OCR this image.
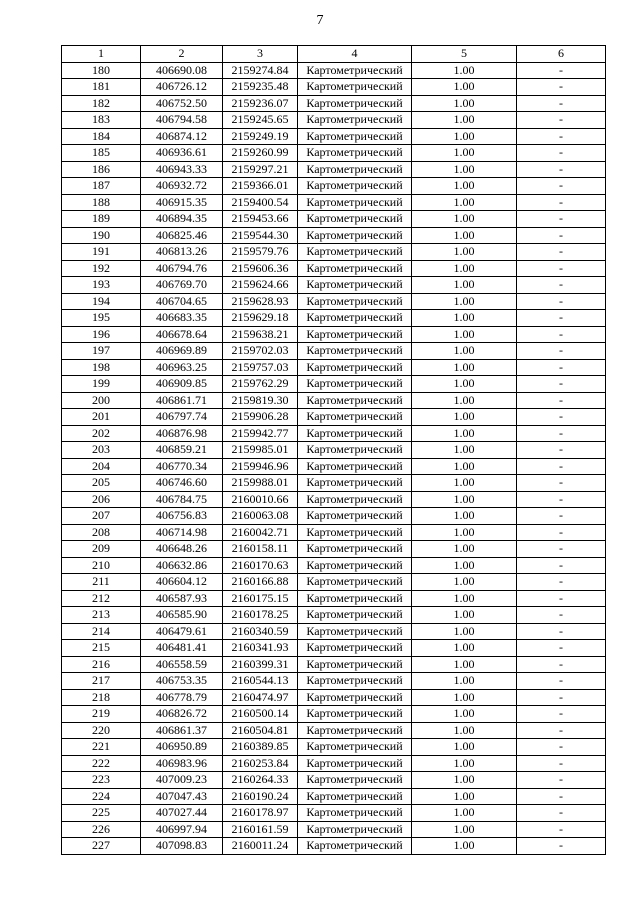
7
1	2	3	4	5	6
180	406690.08	2159274.84	Картометрический	1.00	-
181	406726.12	2159235.48	Картометрический	1.00	-
182	406752.50	2159236.07	Картометрический	1.00	-
183	406794.58	2159245.65	Картометрический	1.00	-
184	406874.12	2159249.19	Картометрический	1.00	-
185	406936.61	2159260.99	Картометрический	1.00	-
186	406943.33	2159297.21	Картометрический	1.00	-
187	406932.72	2159366.01	Картометрический	1.00	-
188	406915.35	2159400.54	Картометрический	1.00	-
189	406894.35	2159453.66	Картометрический	1.00	-
190	406825.46	2159544.30	Картометрический	1.00	-
191	406813.26	2159579.76	Картометрический	1.00	-
192	406794.76	2159606.36	Картометрический	1.00	-
193	406769.70	2159624.66	Картометрический	1.00	-
194	406704.65	2159628.93	Картометрический	1.00	-
195	406683.35	2159629.18	Картометрический	1.00	-
196	406678.64	2159638.21	Картометрический	1.00	-
197	406969.89	2159702.03	Картометрический	1.00	-
198	406963.25	2159757.03	Картометрический	1.00	-
199	406909.85	2159762.29	Картометрический	1.00	-
200	406861.71	2159819.30	Картометрический	1.00	-
201	406797.74	2159906.28	Картометрический	1.00	-
202	406876.98	2159942.77	Картометрический	1.00	-
203	406859.21	2159985.01	Картометрический	1.00	-
204	406770.34	2159946.96	Картометрический	1.00	-
205	406746.60	2159988.01	Картометрический	1.00	-
206	406784.75	2160010.66	Картометрический	1.00	-
207	406756.83	2160063.08	Картометрический	1.00	-
208	406714.98	2160042.71	Картометрический	1.00	-
209	406648.26	2160158.11	Картометрический	1.00	-
210	406632.86	2160170.63	Картометрический	1.00	-
211	406604.12	2160166.88	Картометрический	1.00	-
212	406587.93	2160175.15	Картометрический	1.00	-
213	406585.90	2160178.25	Картометрический	1.00	-
214	406479.61	2160340.59	Картометрический	1.00	-
215	406481.41	2160341.93	Картометрический	1.00	-
216	406558.59	2160399.31	Картометрический	1.00	-
217	406753.35	2160544.13	Картометрический	1.00	-
218	406778.79	2160474.97	Картометрический	1.00	-
219	406826.72	2160500.14	Картометрический	1.00	-
220	406861.37	2160504.81	Картометрический	1.00	-
221	406950.89	2160389.85	Картометрический	1.00	-
222	406983.96	2160253.84	Картометрический	1.00	-
223	407009.23	2160264.33	Картометрический	1.00	-
224	407047.43	2160190.24	Картометрический	1.00	-
225	407027.44	2160178.97	Картометрический	1.00	-
226	406997.94	2160161.59	Картометрический	1.00	-
227	407098.83	2160011.24	Картометрический	1.00	-
